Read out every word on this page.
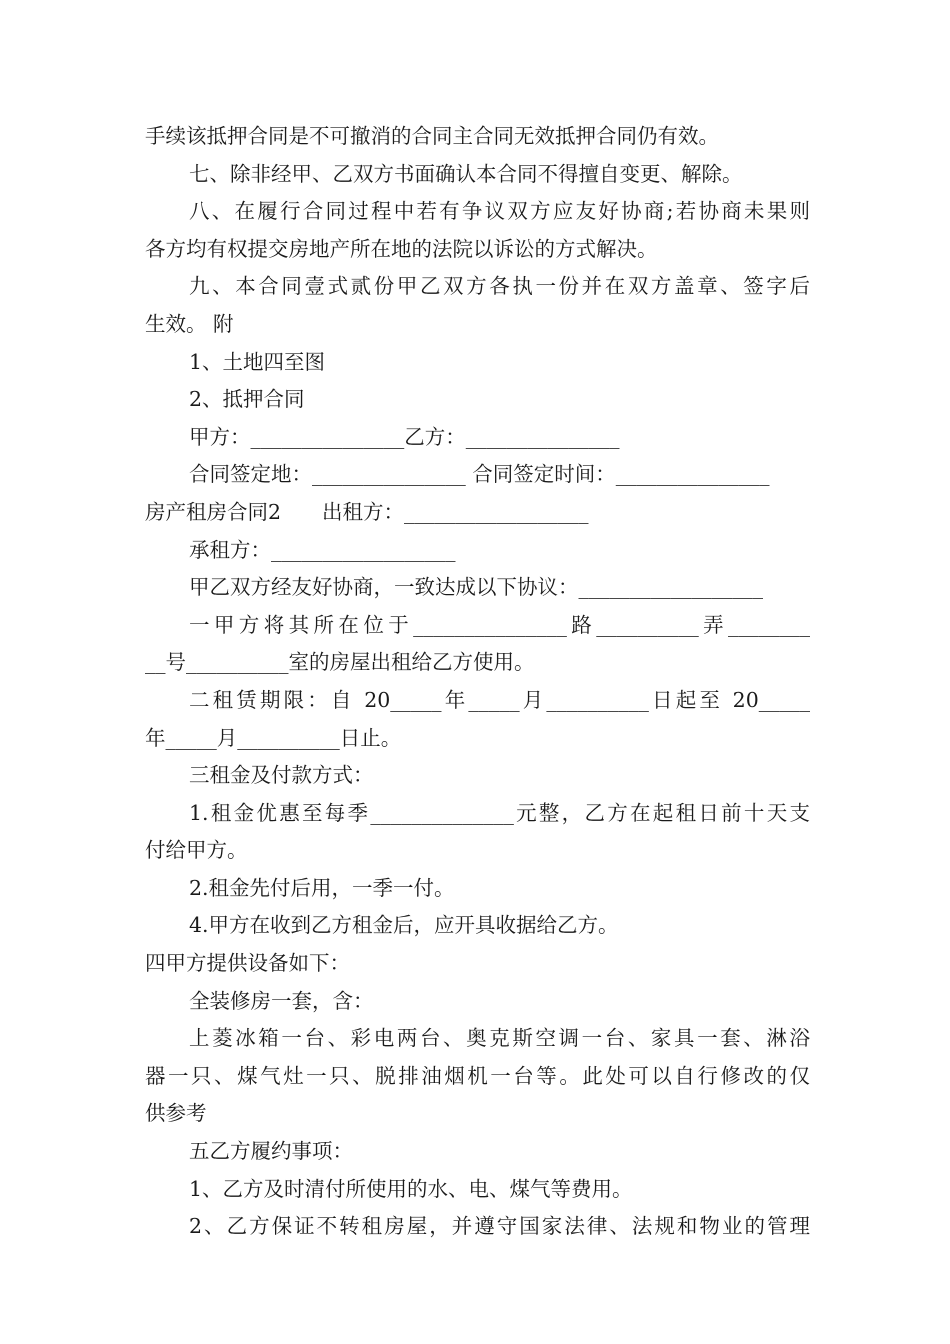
手续该抵押合同是不可撤消的合同主合同无效抵押合同仍有效。
七、除非经甲、乙双方书面确认本合同不得擅自变更、解除。
八、在履行合同过程中若有争议双方应友好协商;若协商未果则
各方均有权提交房地产所在地的法院以诉讼的方式解决。
九、本合同壹式贰份甲乙双方各执一份并在双方盖章、签字后
生效。 附
1、土地四至图
2、抵押合同
甲方：_______________乙方：_______________
合同签定地：_______________ 合同签定时间：_______________
房产租房合同2　　出租方：__________________
承租方：__________________
甲乙双方经友好协商，一致达成以下协议：__________________
一甲方将其所在位于_______________路__________弄________
__号__________室的房屋出租给乙方使用。
二租赁期限：自 20_____年_____月__________日起至 20_____
年_____月__________日止。
三租金及付款方式：
1.租金优惠至每季______________元整，乙方在起租日前十天支
付给甲方。
2.租金先付后用，一季一付。
4.甲方在收到乙方租金后，应开具收据给乙方。
四甲方提供设备如下：
全装修房一套，含：
上菱冰箱一台、彩电两台、奥克斯空调一台、家具一套、淋浴
器一只、煤气灶一只、脱排油烟机一台等。此处可以自行修改的仅
供参考
五乙方履约事项：
1、乙方及时清付所使用的水、电、煤气等费用。
2、乙方保证不转租房屋，并遵守国家法律、法规和物业的管理
